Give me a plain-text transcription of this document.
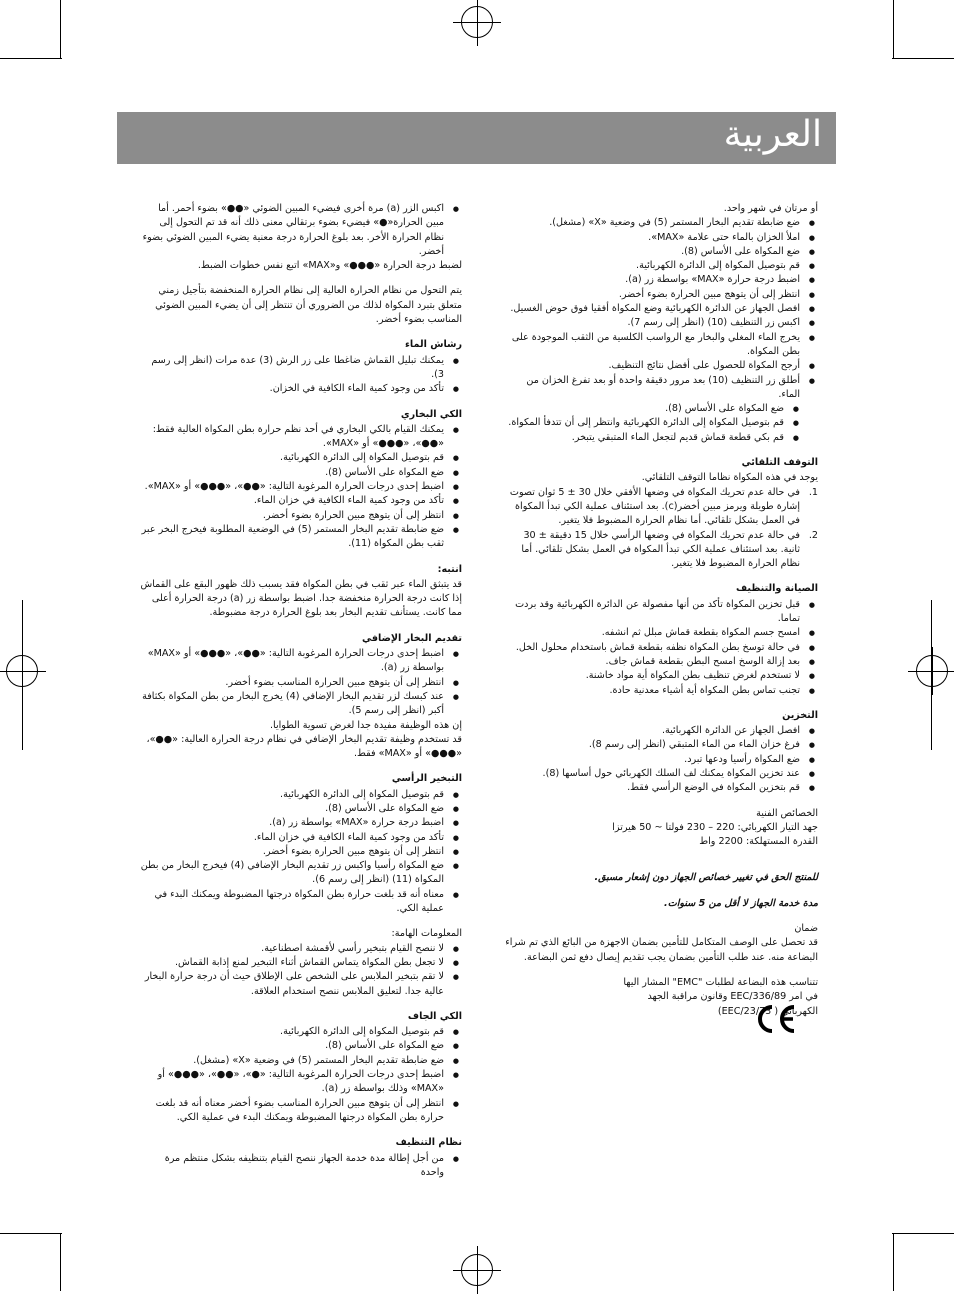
العربية

أو مرتان في شهر واحد.

● ضع ضابطة تقديم البخار المستمر (5) في وضعية «X» (مشغل).
● املأ الخزان بالماء حتى علامة «MAX».
● ضع المكواة على الأساس (8).
● قم بتوصيل المكواة إلى الدائرة الكهربائية.
● اضبط درجة حرارة «MAX» بواسطة زر (a).
● انتظر إلى أن يتوهج مبين الحرارة بضوء أخضر.
● افصل الجهاز عن الدائرة الكهربائية وضع المكواة أفقيا فوق حوض الغسيل.
● اكبس زر التنظيف (10) (انظر إلى رسم 7).
● يخرج الماء المغلي والبخار مع الرواسب الكلسية من الثقب الموجودة على بطن المكواة.
● أرجح المكواة للحصول على أفضل نتائج التنظيف.
● أطلق زر التنظيف (10) بعد مرور دقيقة واحدة أو بعد تفرغ الخزان من الماء.
● ضع المكواة على الأساس (8).
● قم بتوصيل المكواة إلى الدائرة الكهربائية وانتظر إلى أن تتدفأ المكواة.
● قم بكي قطعة قماش قديم لتجعل الماء المتبقي يتبخر.
التوقف التلقائي

يوجد في هذه المكواة نظاما التوقف التلقائي.

1.
في حالة عدم تحريك المكواة في وضعها الأفقي خلال 30 ± 5 ثوان تصوت إشارة طويلة ويرمز مبين أخضر(c). بعد استئناف عملية الكي تبدأ المكواة في العمل بشكل تلقائي. أما نظام الحرارة المضبوط فلا يتغير.
2.
في حالة عدم تحريك المكواة في وضعها الرأسي خلال 15 دقيقة ± 30 ثانية. بعد استئناف عملية الكي تبدأ المكواة في العمل بشكل تلقائي. أما نظام الحرارة المضبوط فلا يتغير.
الصيانة والتنظيف
● قبل تخزين المكواة تأكد من أنها مفصولة عن الدائرة الكهربائية وقد بردت تماما.
● امسح جسم المكواة بقطعة قماش مبلل ثم انشفه.
● في حالة توسخ بطن المكواة نظفه بقطعة قماش باستخدام محلول الخل.
● بعد إزالة الوسخ امسح البطن بقطعة قماش جاف.
● لا تستخدم لغرض تنظيف بطن المكواة أية مواد خاشنة.
● تجنب تماس بطن المكواة أية أشياء معدنية حادة.
التخزين
● افصل الجهاز عن الدائرة الكهربائية.
● فرغ خزان الماء من الماء المتبقي (انظر إلى رسم 8).
● ضع المكواة رأسيا ودعها تبرد.
● عند تخزين المكواة يمكنك لف السلك الكهربائي حول أساسها (8).
● قم بتخزين المكواة في الوضع الرأسي فقط.

الخصائص الفنية

جهد التيار الكهربائي: 220 – 230 فولتا ~ 50 هيرتزا

القدرة المستهلكة: 2200 واط

للمنتج الحق في تغيير خصائص الجهاز دون إشعار مسبق.

مدة خدمة الجهاز لا أقل من 5 سنوات.

ضمان

قد تحصل على الوصف المتكامل للتأمين بضمان الاجهزة من البائع الذي تم شراء البضاعة منه. عند طلب التأمين بضمان يجب تقديم إيصال دفع ثمن البضاعة.

تتناسب هذه البضاعة لطلبات "EMC" المشار اليها في امر EEC/336/89 وقانون مراقبة الجهد الكهربائي ( EEC/23/73)

● اكبس الزر (a) مرة أخرى فيضيء المبين الضوئي «●●» بضوء أحمر. أما مبين الحرارة«●» فيضيء بضوء برتقالي معنى ذلك أنه قد تم التحول إلى نظام الحرارة الأخر. بعد بلوغ الحرارة درجة معنية يضيء المبين الضوئي بضوء أخضر.

لضبط درجة الحرارة «●●●» و«MAX» اتبع نفس خطوات الضبط.

يتم التحول من نظام الحرارة العالية إلى نظام الحرارة المنخفضة بتأجيل زمني متعلق بتبرد المكواة لذلك من الضروري أن تنتظر إلى أن يضيء المبين الضوئي المناسب بضوء أخضر.

رشاش الماء
● يمكنك تبليل القماش ضاغطا على زر الرش (3) عدة مرات (انظر إلى رسم 3).
● تأكد من وجود كمية الماء الكافية في الخزان.
الكي البخاري
● يمكنك القيام بالكي البخاري في أحد نظم حرارة بطن المكواة العالية فقط: «●●»، «●●●» أو «MAX».
● قم بتوصيل المكواة إلى الدائرة الكهربائية.
● ضع المكواة على الأساس (8).
● اضبط إحدى درجات الحرارة المرغوبة التالية: «●●»، «●●●» أو «MAX».
● تأكد من وجود كمية الماء الكافية في خزان الماء.
● انتظر إلى أن يتوهج مبين الحرارة بضوء أخضر.
● ضع ضابطة تقديم البخار المستمر (5) في الوضعية المطلوبة فيخرج البخر عبر ثقب بطن المكواة (11).
انتبه:

قد يتبثق الماء عبر ثقب في بطن المكواة فقد يسبب ذلك ظهور البقع على القماش إذا كانت درجة الحرارة منخفضة جدا. اضبط بواسطة زر (a) درجة الحرارة أعلى مما كانت. يستأنف تقديم البخار بعد بلوغ الحرارة درجة مضبوطة.

تقديم البخار الإضافي
● اضبط إحدى درجات الحرارة المرغوبة التالية: «●●»، «●●●» أو «MAX» بواسطة زر (a).
● انتظر إلى أن يتوهج مبين الحرارة المناسب بضوء أخضر.
● عند كبسك لزر تقديم البخار الإضافي (4) يخرج البخار من بطن المكواة بكثافة أكبر (انظر إلى رسم 5).

إن هذه الوظيفة مفيدة جدا لغرض تسوية الطوايا.

قد تستخدم وظيفة تقديم البخار الإضافي في نظام درجة الحرارة العالية: «●●»، «●●●» أو «MAX» فقط.

التبخير الرأسي
● قم بتوصيل المكواة إلى الدائرة الكهربائية.
● ضع المكواة على الأساس (8).
● اضبط درجة حرارة «MAX» بواسطة زر (a).
● تأكد من وجود كمية الماء الكافية في خزان الماء.
● انتظر إلى أن يتوهج مبين الحرارة بضوء أخضر.
● ضع المكواة رأسيا واكبس زر تقديم البخار الإضافي (4) فيخرج البخار من بطن المكواة (11) (انظر إلى رسم 6).
● معناه أنه قد بلغت حرارة بطن المكواة درجتها المضبوطة ويمكنك البدء في عملية الكي.

المعلومات الهامة:

● لا ننصح القيام بتبخير رأسي لأقمشة اصطناعية.
● لا تجعل بطن المكواة يتماس القماش أثناء التبخير لمنع إذابة القماش.
● لا تقم بتبخير الملابس على الشخص على الإطلاق حيث أن درجة حرارة البخار عالية جدا. لتعليق الملابس ننصح استخدام العلاقة.
الكي الجاف
● قم بتوصيل المكواة إلى الدائرة الكهربائية.
● ضع المكواة على الأساس (8).
● ضع ضابطة تقديم البخار المستمر (5) في وضعية «X» (مشغل).
● اضبط إحدى درجات الحرارة المرغوبة التالية: «●»، «●●»، «●●●» أو «MAX» وذلك بواسطة زر (a).
● انتظر إلى أن يتوهج مبين الحرارة المناسب بضوء أخضر معناه أنه قد بلغت حرارة بطن المكواة درجتها المضبوطة ويمكنك البدء في عملية الكي.
نظام التنظيف
● من أجل إطالة مدة خدمة الجهاز ننصح القيام بتنظيفه بشكل منتظم مرة واحدة
